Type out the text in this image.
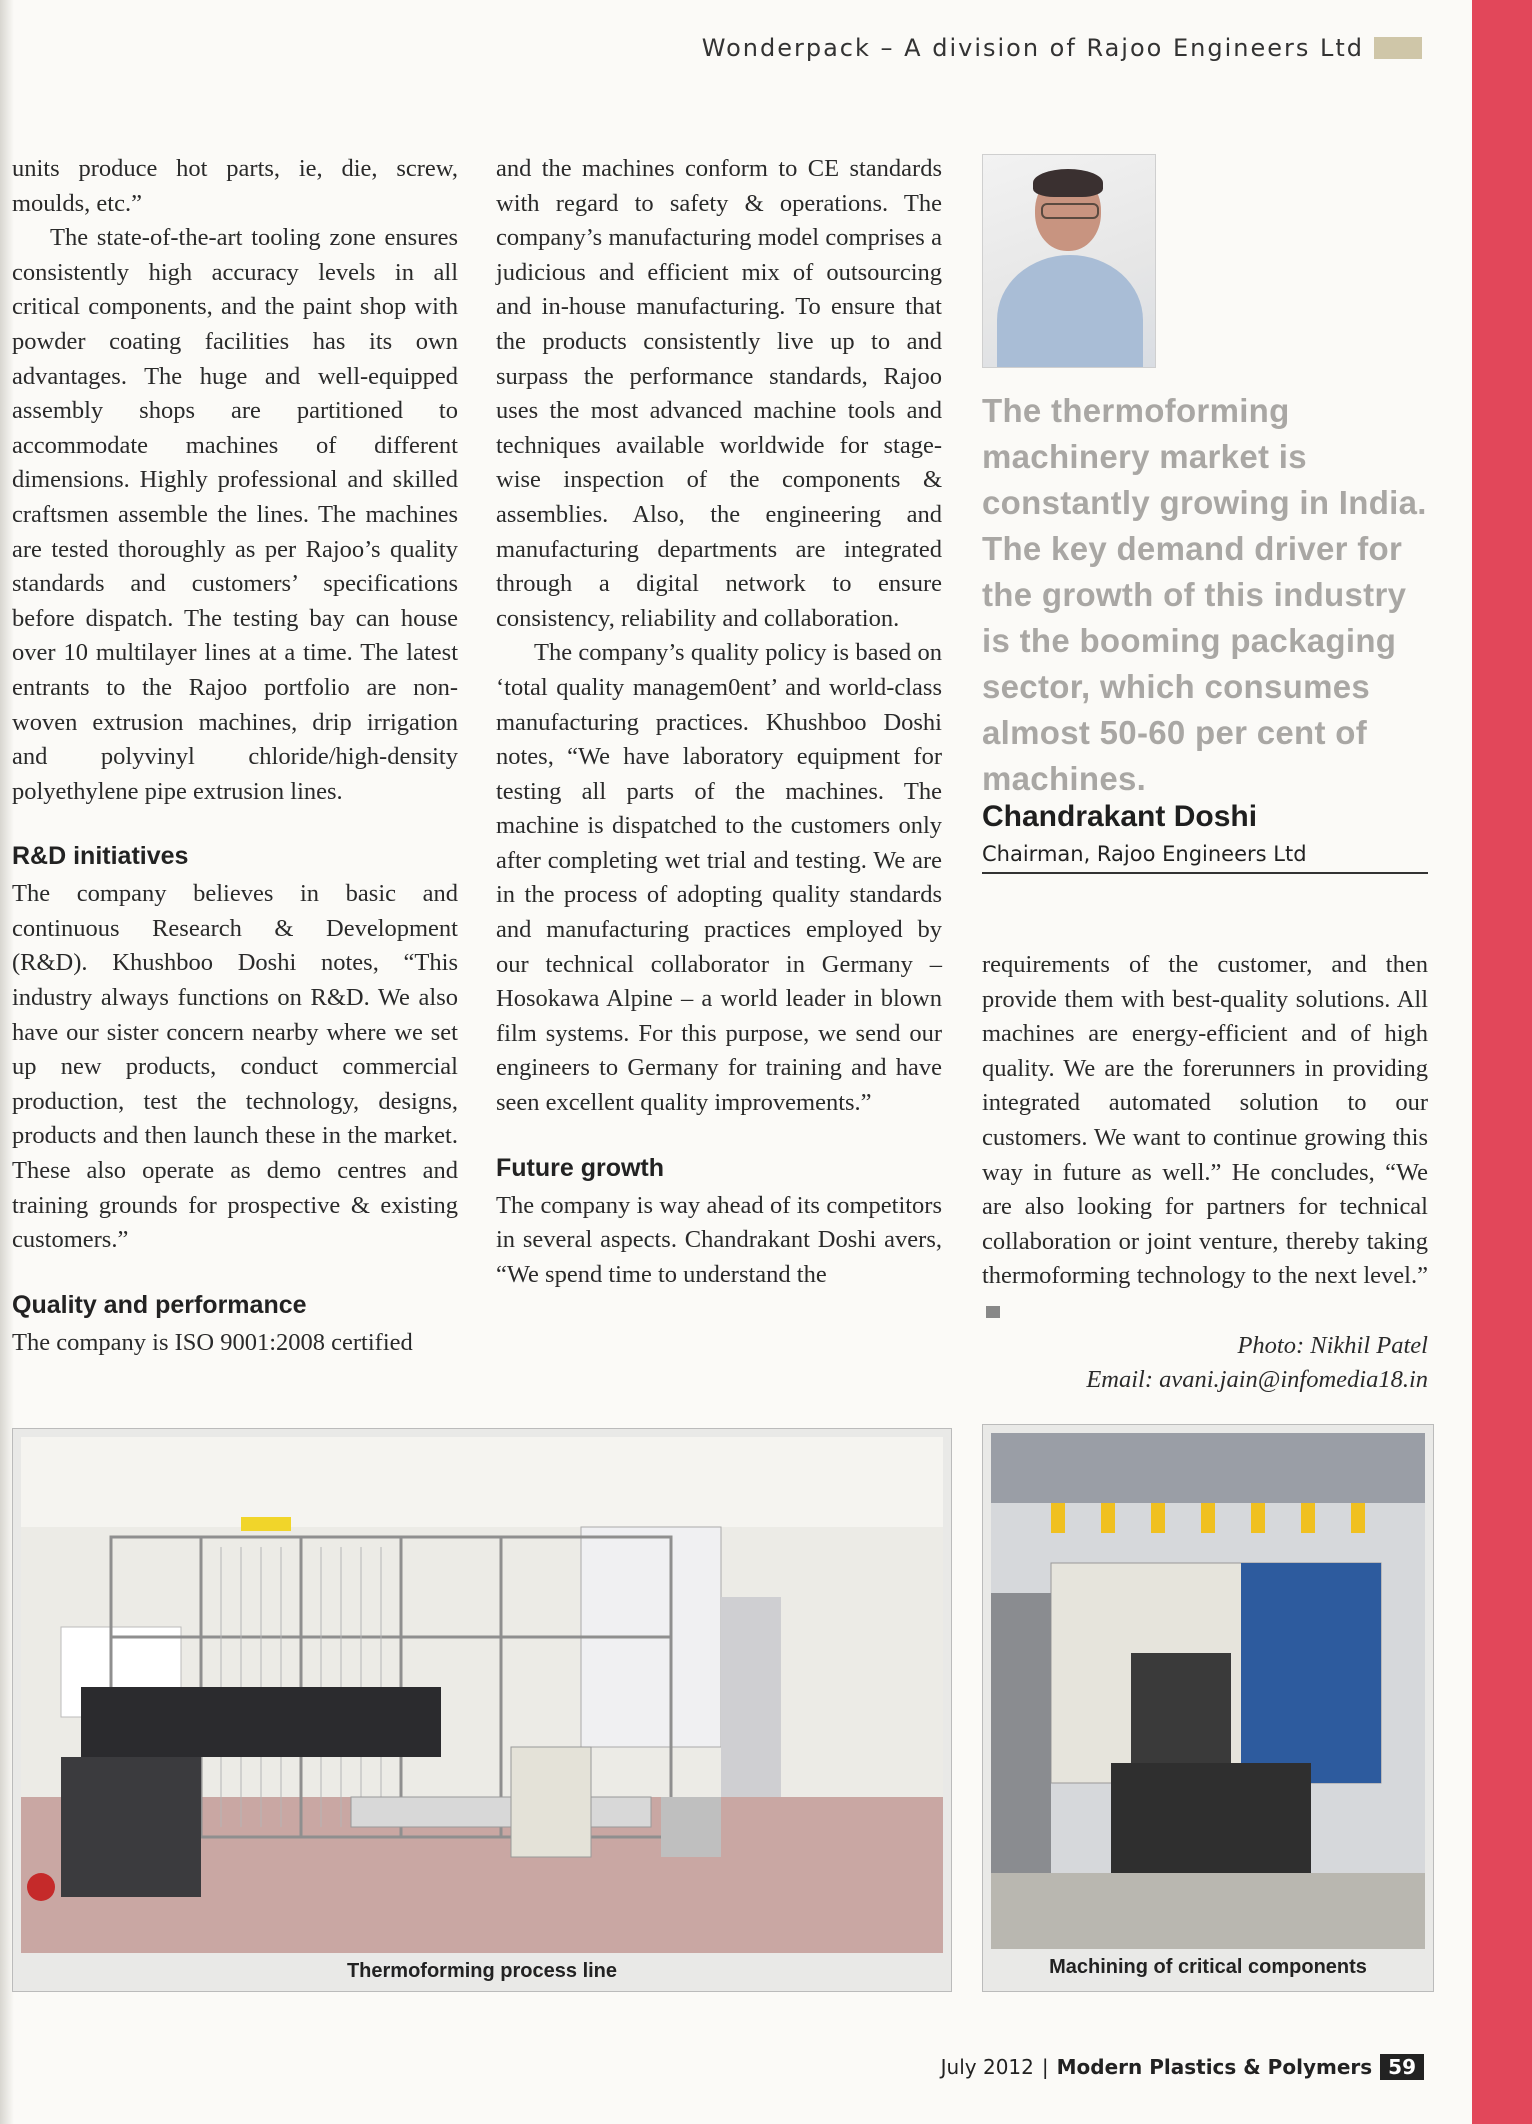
Wonderpack – A division of Rajoo Engineers Ltd

units produce hot parts, ie, die, screw, moulds, etc.”

The state-of-the-art tooling zone ensures consistently high accuracy levels in all critical components, and the paint shop with powder coating facilities has its own advantages. The huge and well-equipped assembly shops are partitioned to accommodate machines of different dimensions. Highly professional and skilled craftsmen assemble the lines. The machines are tested thoroughly as per Rajoo’s quality standards and customers’ specifications before dispatch. The testing bay can house over 10 multilayer lines at a time. The latest entrants to the Rajoo portfolio are non-woven extrusion machines, drip irrigation and polyvinyl chloride/high-density polyethylene pipe extrusion lines.

R&D initiatives

The company believes in basic and continuous Research & Development (R&D). Khushboo Doshi notes, “This industry always functions on R&D. We also have our sister concern nearby where we set up new products, conduct commercial production, test the technology, designs, products and then launch these in the market. These also operate as demo centres and training grounds for prospective & existing customers.”

Quality and performance

The company is ISO 9001:2008 certified

and the machines conform to CE standards with regard to safety & operations. The company’s manufacturing model comprises a judicious and efficient mix of outsourcing and in-house manufacturing. To ensure that the products consistently live up to and surpass the performance standards, Rajoo uses the most advanced machine tools and techniques available worldwide for stage-wise inspection of the components & assemblies. Also, the engineering and manufacturing departments are integrated through a digital network to ensure consistency, reliability and collaboration.

The company’s quality policy is based on ‘total quality managem0ent’ and world-class manufacturing practices. Khushboo Doshi notes, “We have laboratory equipment for testing all parts of the machines. The machine is dispatched to the customers only after completing wet trial and testing. We are in the process of adopting quality standards and manufacturing practices employed by our technical collaborator in Germany – Hosokawa Alpine – a world leader in blown film systems. For this purpose, we send our engineers to Germany for training and have seen excellent quality improvements.”

Future growth

The company is way ahead of its competitors in several aspects. Chandrakant Doshi avers, “We spend time to understand the

The thermoforming machinery market is constantly growing in India. The key demand driver for the growth of this industry is the booming packaging sector, which consumes almost 50-60 per cent of machines.
Chandrakant Doshi
Chairman, Rajoo Engineers Ltd

requirements of the customer, and then provide them with best-quality solutions. All machines are energy-efficient and of high quality. We are the forerunners in providing integrated automated solution to our customers. We want to continue growing this way in future as well.” He concludes, “We are also looking for partners for technical collaboration or joint venture, thereby taking thermoforming technology to the next level.”

Photo: Nikhil Patel

Email: avani.jain@infomedia18.in

Thermoforming process line	Machining of critical components
July 2012 | Modern Plastics & Polymers 59
